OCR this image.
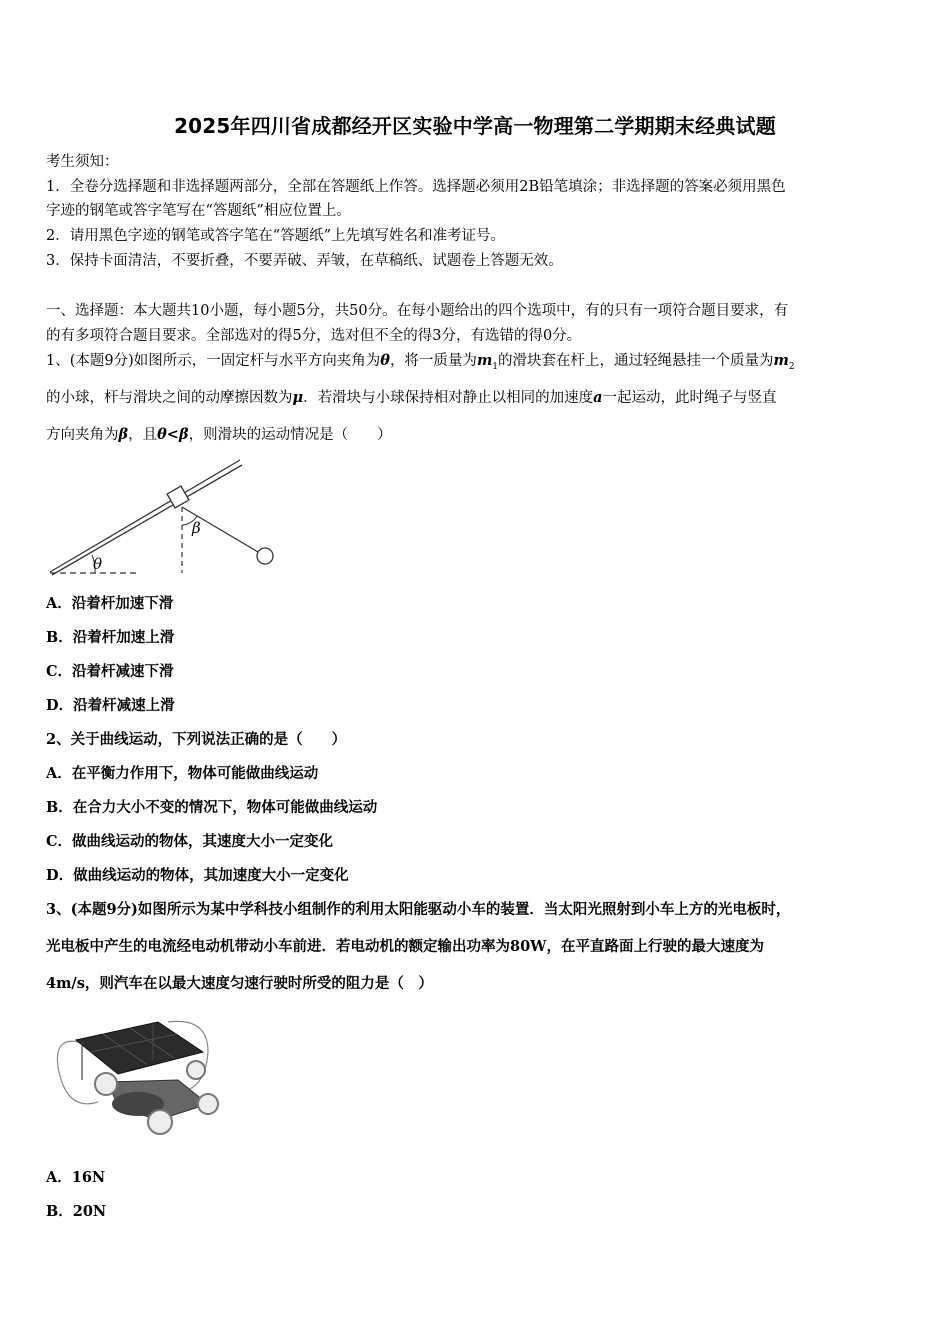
2025年四川省成都经开区实验中学高一物理第二学期期末经典试题
考生须知：
1．全卷分选择题和非选择题两部分，全部在答题纸上作答。选择题必须用2B铅笔填涂；非选择题的答案必须用黑色
字迹的钢笔或答字笔写在“答题纸”相应位置上。
2．请用黑色字迹的钢笔或答字笔在“答题纸”上先填写姓名和准考证号。
3．保持卡面清洁，不要折叠，不要弄破、弄皱，在草稿纸、试题卷上答题无效。
一、选择题：本大题共10小题，每小题5分，共50分。在每小题给出的四个选项中，有的只有一项符合题目要求，有
的有多项符合题目要求。全部选对的得5分，选对但不全的得3分，有选错的得0分。
1、(本题9分)如图所示，一固定杆与水平方向夹角为θ，将一质量为$m_1$的滑块套在杆上，通过轻绳悬挂一个质量为$m_2$
的小球，杆与滑块之间的动摩擦因数为μ．若滑块与小球保持相对静止以相同的加速度a一起运动，此时绳子与竖直
方向夹角为β，且θ<β，则滑块的运动情况是（　　）
θ
β
A．沿着杆加速下滑
B．沿着杆加速上滑
C．沿着杆减速下滑
D．沿着杆减速上滑
2、关于曲线运动，下列说法正确的是（　　）
A．在平衡力作用下，物体可能做曲线运动
B．在合力大小不变的情况下，物体可能做曲线运动
C．做曲线运动的物体，其速度大小一定变化
D．做曲线运动的物体，其加速度大小一定变化
3、(本题9分)如图所示为某中学科技小组制作的利用太阳能驱动小车的装置．当太阳光照射到小车上方的光电板时，
光电板中产生的电流经电动机带动小车前进．若电动机的额定输出功率为80W，在平直路面上行驶的最大速度为
4m/s，则汽车在以最大速度匀速行驶时所受的阻力是（　）
A．16N
B．20N
